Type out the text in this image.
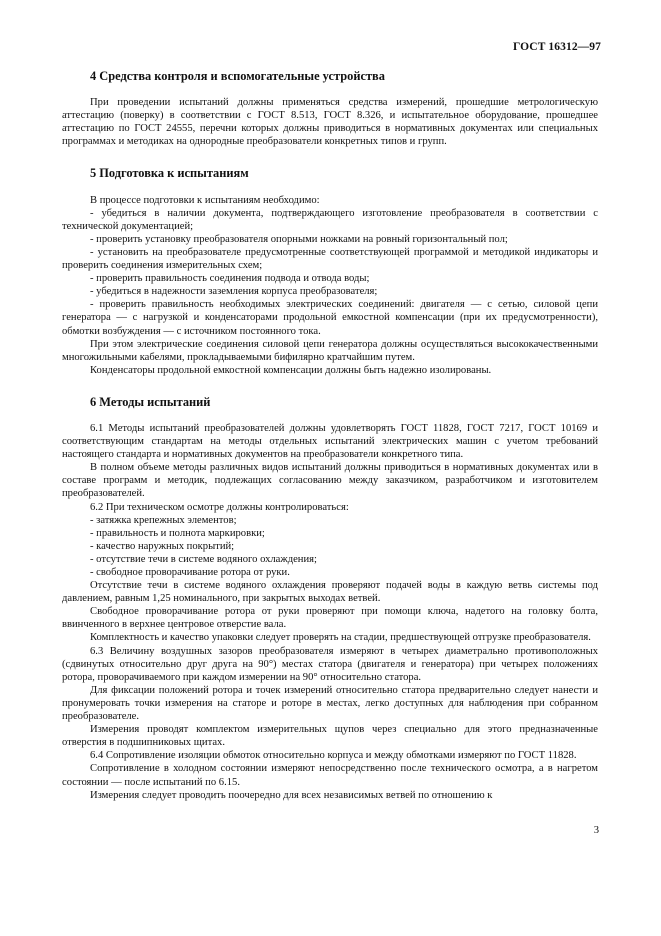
ГОСТ 16312—97
4 Средства контроля и вспомогательные устройства

При проведении испытаний должны применяться средства измерений, прошедшие метрологическую аттестацию (поверку) в соответствии с ГОСТ 8.513, ГОСТ 8.326, и испытательное оборудование, прошедшее аттестацию по ГОСТ 24555, перечни которых должны приводиться в нормативных документах или специальных программах и методиках на однородные преобразователи конкретных типов и групп.

5 Подготовка к испытаниям

В процессе подготовки к испытаниям необходимо:

- убедиться в наличии документа, подтверждающего изготовление преобразователя в соответствии с технической документацией;

- проверить установку преобразователя опорными ножками на ровный горизонтальный пол;

- установить на преобразователе предусмотренные соответствующей программой и методикой индикаторы и проверить соединения измерительных схем;

- проверить правильность соединения подвода и отвода воды;

- убедиться в надежности заземления корпуса преобразователя;

- проверить правильность необходимых электрических соединений: двигателя — с сетью, силовой цепи генератора — с нагрузкой и конденсаторами продольной емкостной компенсации (при их предусмотренности), обмотки возбуждения — с источником постоянного тока.

При этом электрические соединения силовой цепи генератора должны осуществляться высококачественными многожильными кабелями, прокладываемыми бифилярно кратчайшим путем.

Конденсаторы продольной емкостной компенсации должны быть надежно изолированы.

6 Методы испытаний

6.1 Методы испытаний преобразователей должны удовлетворять ГОСТ 11828, ГОСТ 7217, ГОСТ 10169 и соответствующим стандартам на методы отдельных испытаний электрических машин с учетом требований настоящего стандарта и нормативных документов на преобразователи конкретного типа.

В полном объеме методы различных видов испытаний должны приводиться в нормативных документах или в составе программ и методик, подлежащих согласованию между заказчиком, разработчиком и изготовителем преобразователей.

6.2 При техническом осмотре должны контролироваться:

- затяжка крепежных элементов;

- правильность и полнота маркировки;

- качество наружных покрытий;

- отсутствие течи в системе водяного охлаждения;

- свободное проворачивание ротора от руки.

Отсутствие течи в системе водяного охлаждения проверяют подачей воды в каждую ветвь системы под давлением, равным 1,25 номинального, при закрытых выходах ветвей.

Свободное проворачивание ротора от руки проверяют при помощи ключа, надетого на головку болта, ввинченного в верхнее центровое отверстие вала.

Комплектность и качество упаковки следует проверять на стадии, предшествующей отгрузке преобразователя.

6.3 Величину воздушных зазоров преобразователя измеряют в четырех диаметрально противоположных (сдвинутых относительно друг друга на 90°) местах статора (двигателя и генератора) при четырех положениях ротора, проворачиваемого при каждом измерении на 90° относительно статора.

Для фиксации положений ротора и точек измерений относительно статора предварительно следует нанести и пронумеровать точки измерения на статоре и роторе в местах, легко доступных для наблюдения при собранном преобразователе.

Измерения проводят комплектом измерительных щупов через специально для этого предназначенные отверстия в подшипниковых щитах.

6.4 Сопротивление изоляции обмоток относительно корпуса и между обмотками измеряют по ГОСТ 11828.

Сопротивление в холодном состоянии измеряют непосредственно после технического осмотра, а в нагретом состоянии — после испытаний по 6.15.

Измерения следует проводить поочередно для всех независимых ветвей по отношению к

3
